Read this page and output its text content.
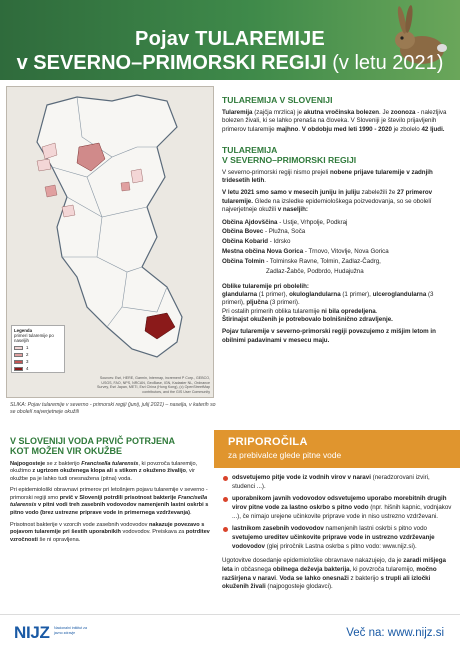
Pojav TULAREMIJE
v SEVERNO–PRIMORSKI REGIJI (v letu 2021)
Legenda
primeri tularemije po naseljih
1
2
3
4
Sources: Esri, HERE, Garmin, Intermap, increment P Corp., GEBCO, USGS, FAO, NPS, NRCAN, GeoBase, IGN, Kadaster NL, Ordnance Survey, Esri Japan, METI, Esri China (Hong Kong), (c) OpenStreetMap contributors, and the GIS User Community
SLIKA: Pojav tularemije v severno - primorski regiji (junij, julij 2021) – naselja, v katerih so se obolelí najverjetneje okužili
TULAREMIJA V SLOVENIJI

Tularemija (zajčja mrzlica) je akutna vročinska bolezen. Je zoonoza - nalezljiva bolezen živali, ki se lahko prenaša na človeka. V Sloveniji je število prijavljenih primerov tularemije majhno. V obdobju med leti 1990 - 2020 je zbolelo 42 ljudi.

TULAREMIJA
V SEVERNO–PRIMORSKI REGIJI

V severno-primorski regiji nismo prejeli nobene prijave tularemije v zadnjih tridesetih letih.

V letu 2021 smo samo v mesecih juniju in juliju zabeležili že 27 primerov tularemije. Glede na izsledke epidemiološkega poizvedovanja, so se obolelí najverjetneje okužili v naseljih:

Občina Ajdovščina - Ustje, Vrhpolje, Podkraj

Občina Bovec - Plužna, Soča

Občina Kobarid - Idrsko

Mestna občina Nova Gorica - Trnovo, Vitovlje, Nova Gorica

Občina Tolmin - Tolminske Ravne, Tolmin, Zadlaz-Čadrg,

Zadlaz-Žabče, Podbrdo, Hudajužna

Oblike tularemije pri obolelih:
glandularna (1 primer), okuloglandularna (1 primer), ulceroglandularna (3 primeri), pljučna (3 primeri).
Pri ostalih primerih oblika tularemije ni bila opredeljena.
Štirinajst okuženih je potrebovalo bolnišnično zdravljenje.

Pojav tularemije v severno-primorski regiji povezujemo z mišjim letom in obilnimi padavinami v mesecu maju.

PRIPOROČILA
za prebivalce glede pitne vode
V SLOVENIJI VODA PRVIČ POTRJENA
KOT MOŽEN VIR OKUŽBE

Najpogosteje se z bakterijo Francisella tularensis, ki povzroča tularemijo, okužimo z ugrizom okuženega klopa ali s stikom z okuženo živalijo, vir okužbe pa je lahko tudi onesnažena (pitna) voda.

Pri epidemiološki obravnavi primerov pri letošnjem pojavu tularemije v severno - primorski regiji smo prvič v Sloveniji potrdili prisotnost bakterije Francisella tularensis v pitni vodi treh zasebnih vodovodov namenjenih lastni oskrbi s pitno vodo (brez ustrezne priprave vode in primernega vzdrževanja).

Prisotnost bakterije v vzorcih vode zasebnih vodovodov nakazuje povezavo s pojavom tularemije pri šestih uporabnikih vodovodov. Preiskava za potrditev vzročnosti še ni opravljena.

odsvetujemo pitje vode iz vodnih virov v naravi (neradzorovani izviri, studenci ...).
uporabnikom javnih vodovodov odsvetujemo uporabo morebitnih drugih virov pitne vode za lastno oskrbo s pitno vodo (npr. hišnih kapnic, vodnjakov ...), če nimajo urejene učinkovite priprave vode in niso ustrezno vzdrževani.
lastnikom zasebnih vodovodov namenjenih lastni oskrbi s pitno vodo svetujemo ureditev učinkovite priprave vode in ustrezno vzdrževanje vodovodov (glej priročnik Lastna oskrba s pitno vodo: www.nijz.si).

Ugotovitve dosedanje epidemiološke obravnave nakazujejo, da je zaradi mišjega leta in občasnega obilnega deževja bakterija, ki povzroča tularemijo, močno razširjena v naravi. Voda se lahko onesnaži z bakterijo s trupli ali izločki okuženih živali (najpogosteje glodavci).

NIJZ Nacionalni inštitut za javno zdravje	Več na: www.nijz.si
